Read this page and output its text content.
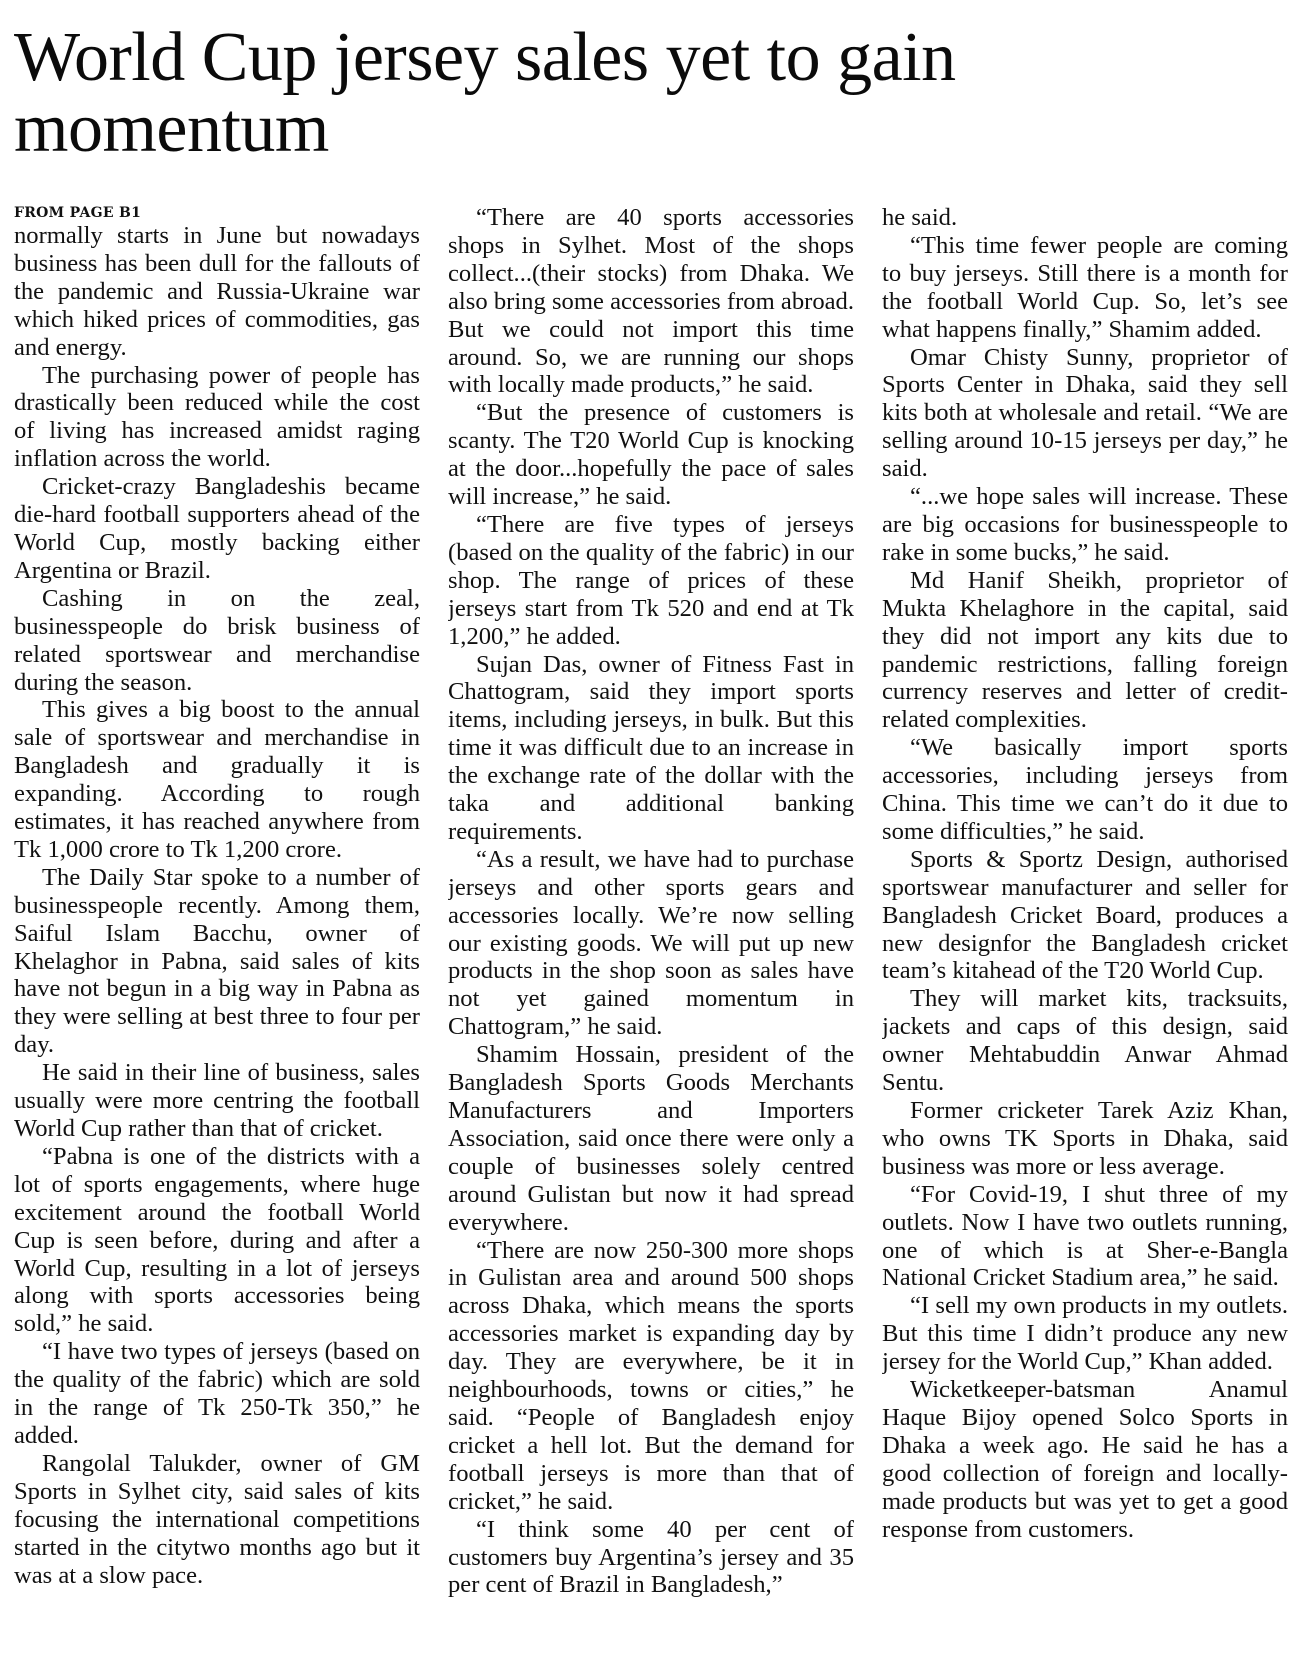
World Cup jersey sales yet to gain momentum
FROM PAGE B1

normally starts in June but nowadays business has been dull for the fallouts of the pandemic and Russia-Ukraine war which hiked prices of commodities, gas and energy.

The purchasing power of people has drastically been reduced while the cost of living has increased amidst raging inflation across the world.

Cricket-crazy Bangladeshis became die-hard football supporters ahead of the World Cup, mostly backing either Argentina or Brazil.

Cashing in on the zeal, businesspeople do brisk business of related sportswear and merchandise during the season.

This gives a big boost to the annual sale of sportswear and merchandise in Bangladesh and gradually it is expanding. According to rough estimates, it has reached anywhere from Tk 1,000 crore to Tk 1,200 crore.

The Daily Star spoke to a number of businesspeople recently. Among them, Saiful Islam Bacchu, owner of Khelaghor in Pabna, said sales of kits have not begun in a big way in Pabna as they were selling at best three to four per day.

He said in their line of business, sales usually were more centring the football World Cup rather than that of cricket.

“Pabna is one of the districts with a lot of sports engagements, where huge excitement around the football World Cup is seen before, during and after a World Cup, resulting in a lot of jerseys along with sports accessories being sold,” he said.

“I have two types of jerseys (based on the quality of the fabric) which are sold in the range of Tk 250-Tk 350,” he added.

Rangolal Talukder, owner of GM Sports in Sylhet city, said sales of kits focusing the international competitions started in the citytwo months ago but it was at a slow pace.

“There are 40 sports accessories shops in Sylhet. Most of the shops collect...(their stocks) from Dhaka. We also bring some accessories from abroad. But we could not import this time around. So, we are running our shops with locally made products,” he said.

“But the presence of customers is scanty. The T20 World Cup is knocking at the door...hopefully the pace of sales will increase,” he said.

“There are five types of jerseys (based on the quality of the fabric) in our shop. The range of prices of these jerseys start from Tk 520 and end at Tk 1,200,” he added.

Sujan Das, owner of Fitness Fast in Chattogram, said they import sports items, including jerseys, in bulk. But this time it was difficult due to an increase in the exchange rate of the dollar with the taka and additional banking requirements.

“As a result, we have had to purchase jerseys and other sports gears and accessories locally. We’re now selling our existing goods. We will put up new products in the shop soon as sales have not yet gained momentum in Chattogram,” he said.

Shamim Hossain, president of the Bangladesh Sports Goods Merchants Manufacturers and Importers Association, said once there were only a couple of businesses solely centred around Gulistan but now it had spread everywhere.

“There are now 250-300 more shops in Gulistan area and around 500 shops across Dhaka, which means the sports accessories market is expanding day by day. They are everywhere, be it in neighbourhoods, towns or cities,” he said. “People of Bangladesh enjoy cricket a hell lot. But the demand for football jerseys is more than that of cricket,” he said.

“I think some 40 per cent of customers buy Argentina’s jersey and 35 per cent of Brazil in Bangladesh,”

he said.

“This time fewer people are coming to buy jerseys. Still there is a month for the football World Cup. So, let’s see what happens finally,” Shamim added.

Omar Chisty Sunny, proprietor of Sports Center in Dhaka, said they sell kits both at wholesale and retail. “We are selling around 10-15 jerseys per day,” he said.

“...we hope sales will increase. These are big occasions for businesspeople to rake in some bucks,” he said.

Md Hanif Sheikh, proprietor of Mukta Khelaghore in the capital, said they did not import any kits due to pandemic restrictions, falling foreign currency reserves and letter of credit-related complexities.

“We basically import sports accessories, including jerseys from China. This time we can’t do it due to some difficulties,” he said.

Sports & Sportz Design, authorised sportswear manufacturer and seller for Bangladesh Cricket Board, produces a new designfor the Bangladesh cricket team’s kitahead of the T20 World Cup.

They will market kits, tracksuits, jackets and caps of this design, said owner Mehtabuddin Anwar Ahmad Sentu.

Former cricketer Tarek Aziz Khan, who owns TK Sports in Dhaka, said business was more or less average.

“For Covid-19, I shut three of my outlets. Now I have two outlets running, one of which is at Sher-e-Bangla National Cricket Stadium area,” he said.

“I sell my own products in my outlets. But this time I didn’t produce any new jersey for the World Cup,” Khan added.

Wicketkeeper-batsman Anamul Haque Bijoy opened Solco Sports in Dhaka a week ago. He said he has a good collection of foreign and locally-made products but was yet to get a good response from customers.
